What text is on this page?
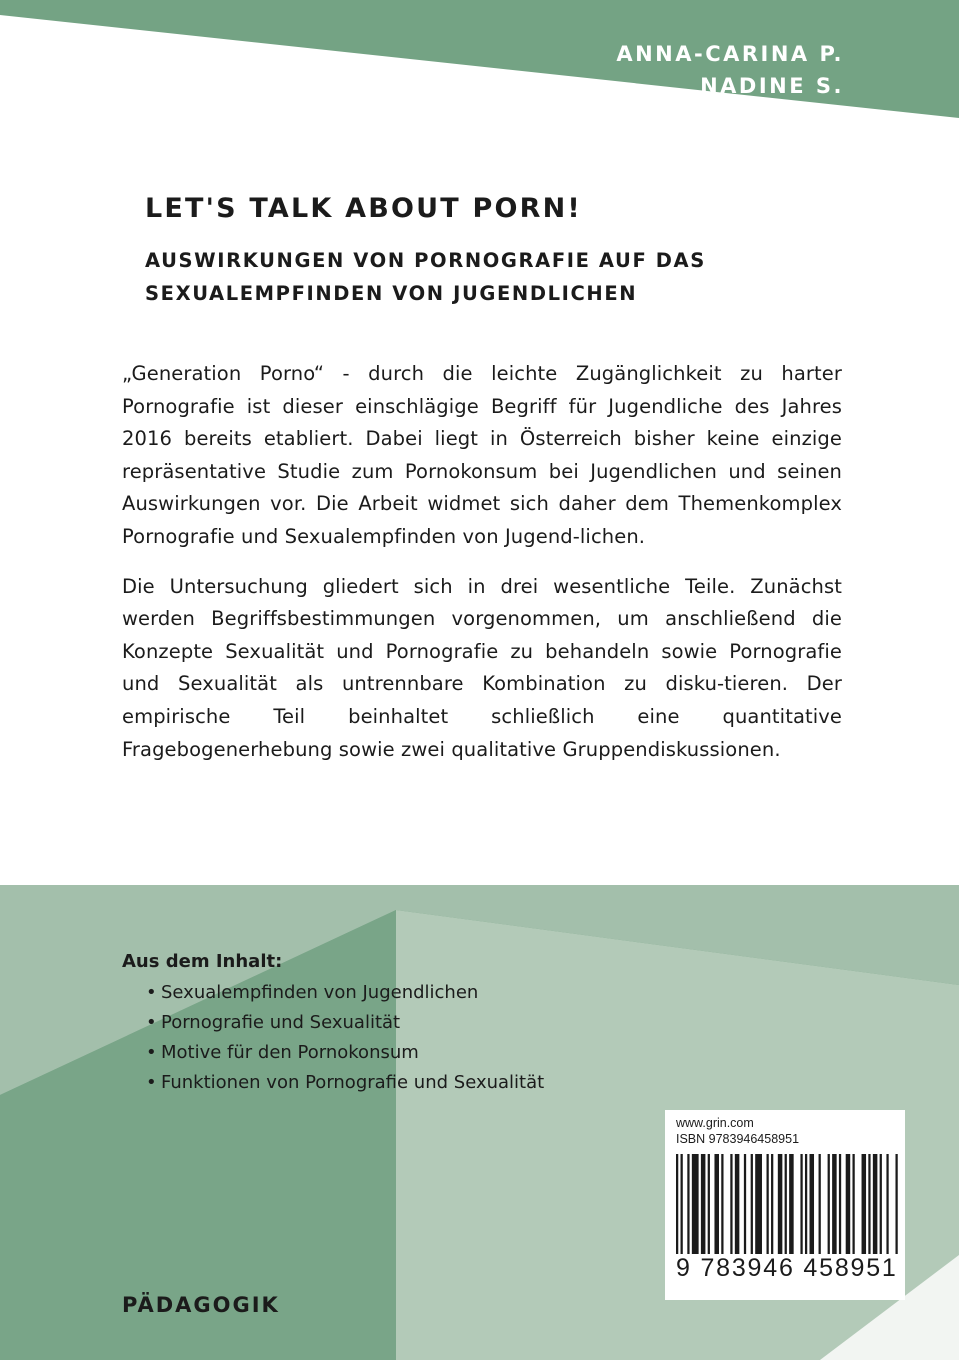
ANNA-CARINA P.
NADINE S.
LET'S TALK ABOUT PORN!
AUSWIRKUNGEN VON PORNOGRAFIE AUF DAS SEXUALEMPFINDEN VON JUGENDLICHEN

„Generation Porno“ - durch die leichte Zugänglichkeit zu harter Pornografie ist dieser einschlägige Begriff für Jugendliche des Jahres 2016 bereits etabliert. Dabei liegt in Österreich bisher keine einzige repräsentative Studie zum Pornokonsum bei Jugendlichen und seinen Auswirkungen vor. Die Arbeit widmet sich daher dem Themenkomplex Pornografie und Sexualempfinden von Jugend-lichen.

Die Untersuchung gliedert sich in drei wesentliche Teile. Zunächst werden Begriffsbestimmungen vorgenommen, um anschließend die Konzepte Sexualität und Pornografie zu behandeln sowie Pornografie und Sexualität als untrennbare Kombination zu disku-tieren. Der empirische Teil beinhaltet schließlich eine quantitative Fragebogenerhebung sowie zwei qualitative Gruppendiskussionen.

Aus dem Inhalt:
• Sexualempfinden von Jugendlichen
• Pornografie und Sexualität
• Motive für den Pornokonsum
• Funktionen von Pornografie und Sexualität
www.grin.com
ISBN 9783946458951
9 783946 458951
PÄDAGOGIK
